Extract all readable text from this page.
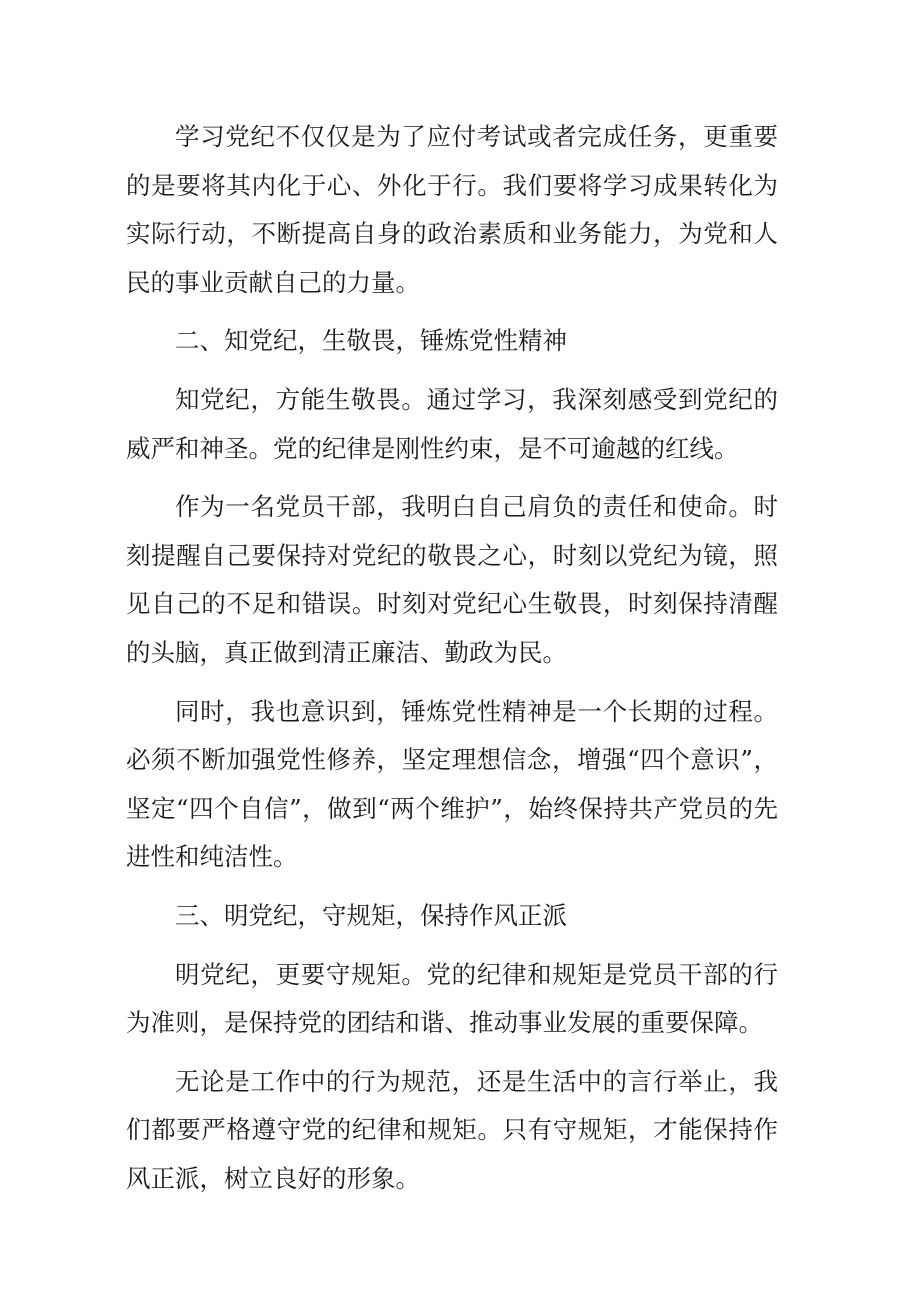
学习党纪不仅仅是为了应付考试或者完成任务，更重要的是要将其内化于心、外化于行。我们要将学习成果转化为实际行动，不断提高自身的政治素质和业务能力，为党和人民的事业贡献自己的力量。

二、知党纪，生敬畏，锤炼党性精神

知党纪，方能生敬畏。通过学习，我深刻感受到党纪的威严和神圣。党的纪律是刚性约束，是不可逾越的红线。

作为一名党员干部，我明白自己肩负的责任和使命。时刻提醒自己要保持对党纪的敬畏之心，时刻以党纪为镜，照见自己的不足和错误。时刻对党纪心生敬畏，时刻保持清醒的头脑，真正做到清正廉洁、勤政为民。

同时，我也意识到，锤炼党性精神是一个长期的过程。必须不断加强党性修养，坚定理想信念，增强“四个意识”，坚定“四个自信”，做到“两个维护”，始终保持共产党员的先进性和纯洁性。

三、明党纪，守规矩，保持作风正派

明党纪，更要守规矩。党的纪律和规矩是党员干部的行为准则，是保持党的团结和谐、推动事业发展的重要保障。

无论是工作中的行为规范，还是生活中的言行举止，我们都要严格遵守党的纪律和规矩。只有守规矩，才能保持作风正派，树立良好的形象。
